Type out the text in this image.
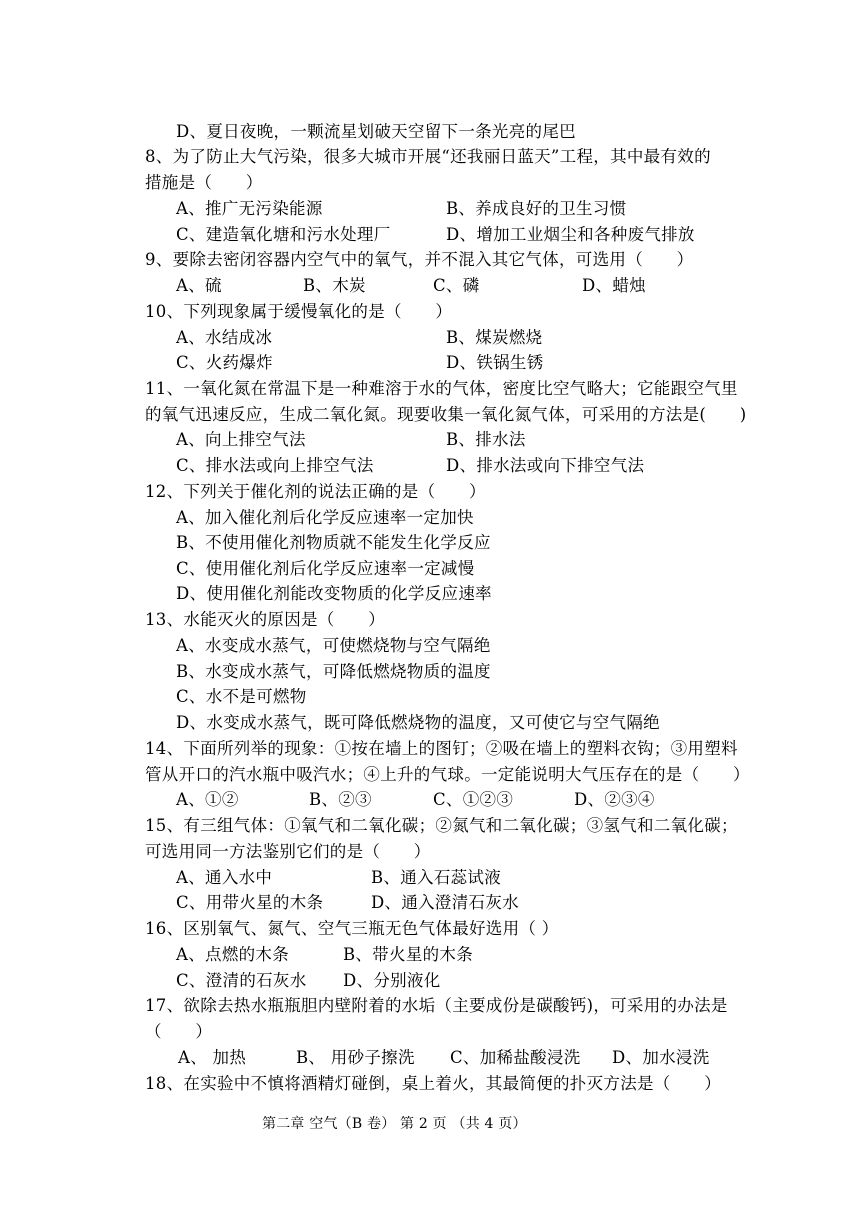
D、夏日夜晚，一颗流星划破天空留下一条光亮的尾巴
8、为了防止大气污染，很多大城市开展“还我丽日蓝天”工程，其中最有效的
措施是（　　）
A、推广无污染能源	B、养成良好的卫生习惯
C、建造氧化塘和污水处理厂	D、增加工业烟尘和各种废气排放
9、要除去密闭容器内空气中的氧气，并不混入其它气体，可选用（　　）
A、硫	B、木炭	C、磷	D、蜡烛
10、下列现象属于缓慢氧化的是（　　）
A、水结成冰	B、煤炭燃烧
C、火药爆炸	D、铁锅生锈
11、一氧化氮在常温下是一种难溶于水的气体，密度比空气略大；它能跟空气里
的氧气迅速反应，生成二氧化氮。现要收集一氧化氮气体，可采用的方法是(　　)
A、向上排空气法	B、排水法
C、排水法或向上排空气法	D、排水法或向下排空气法
12、下列关于催化剂的说法正确的是（　　）
A、加入催化剂后化学反应速率一定加快
B、不使用催化剂物质就不能发生化学反应
C、使用催化剂后化学反应速率一定减慢
D、使用催化剂能改变物质的化学反应速率
13、水能灭火的原因是（　　）
A、水变成水蒸气，可使燃烧物与空气隔绝
B、水变成水蒸气，可降低燃烧物质的温度
C、水不是可燃物
D、水变成水蒸气，既可降低燃烧物的温度，又可使它与空气隔绝
14、下面所列举的现象：①按在墙上的图钉；②吸在墙上的塑料衣钩；③用塑料
管从开口的汽水瓶中吸汽水；④上升的气球。一定能说明大气压存在的是（　　）
A、①②	B、②③	C、①②③	D、②③④
15、有三组气体：①氧气和二氧化碳；②氮气和二氧化碳；③氢气和二氧化碳；
可选用同一方法鉴别它们的是（　　）
A、通入水中	B、通入石蕊试液
C、用带火星的木条	D、通入澄清石灰水
16、区别氧气、氮气、空气三瓶无色气体最好选用（ ）
A、点燃的木条	B、带火星的木条
C、澄清的石灰水 D、分别液化
17、欲除去热水瓶瓶胆内壁附着的水垢（主要成份是碳酸钙)，可采用的办法是
（　　）
A、 加热	B、 用砂子擦洗 C、加稀盐酸浸洗 D、加水浸洗
18、在实验中不慎将酒精灯碰倒，桌上着火，其最简便的扑灭方法是（　　）
第二章 空气（B 卷） 第 2 页 （共 4 页）
